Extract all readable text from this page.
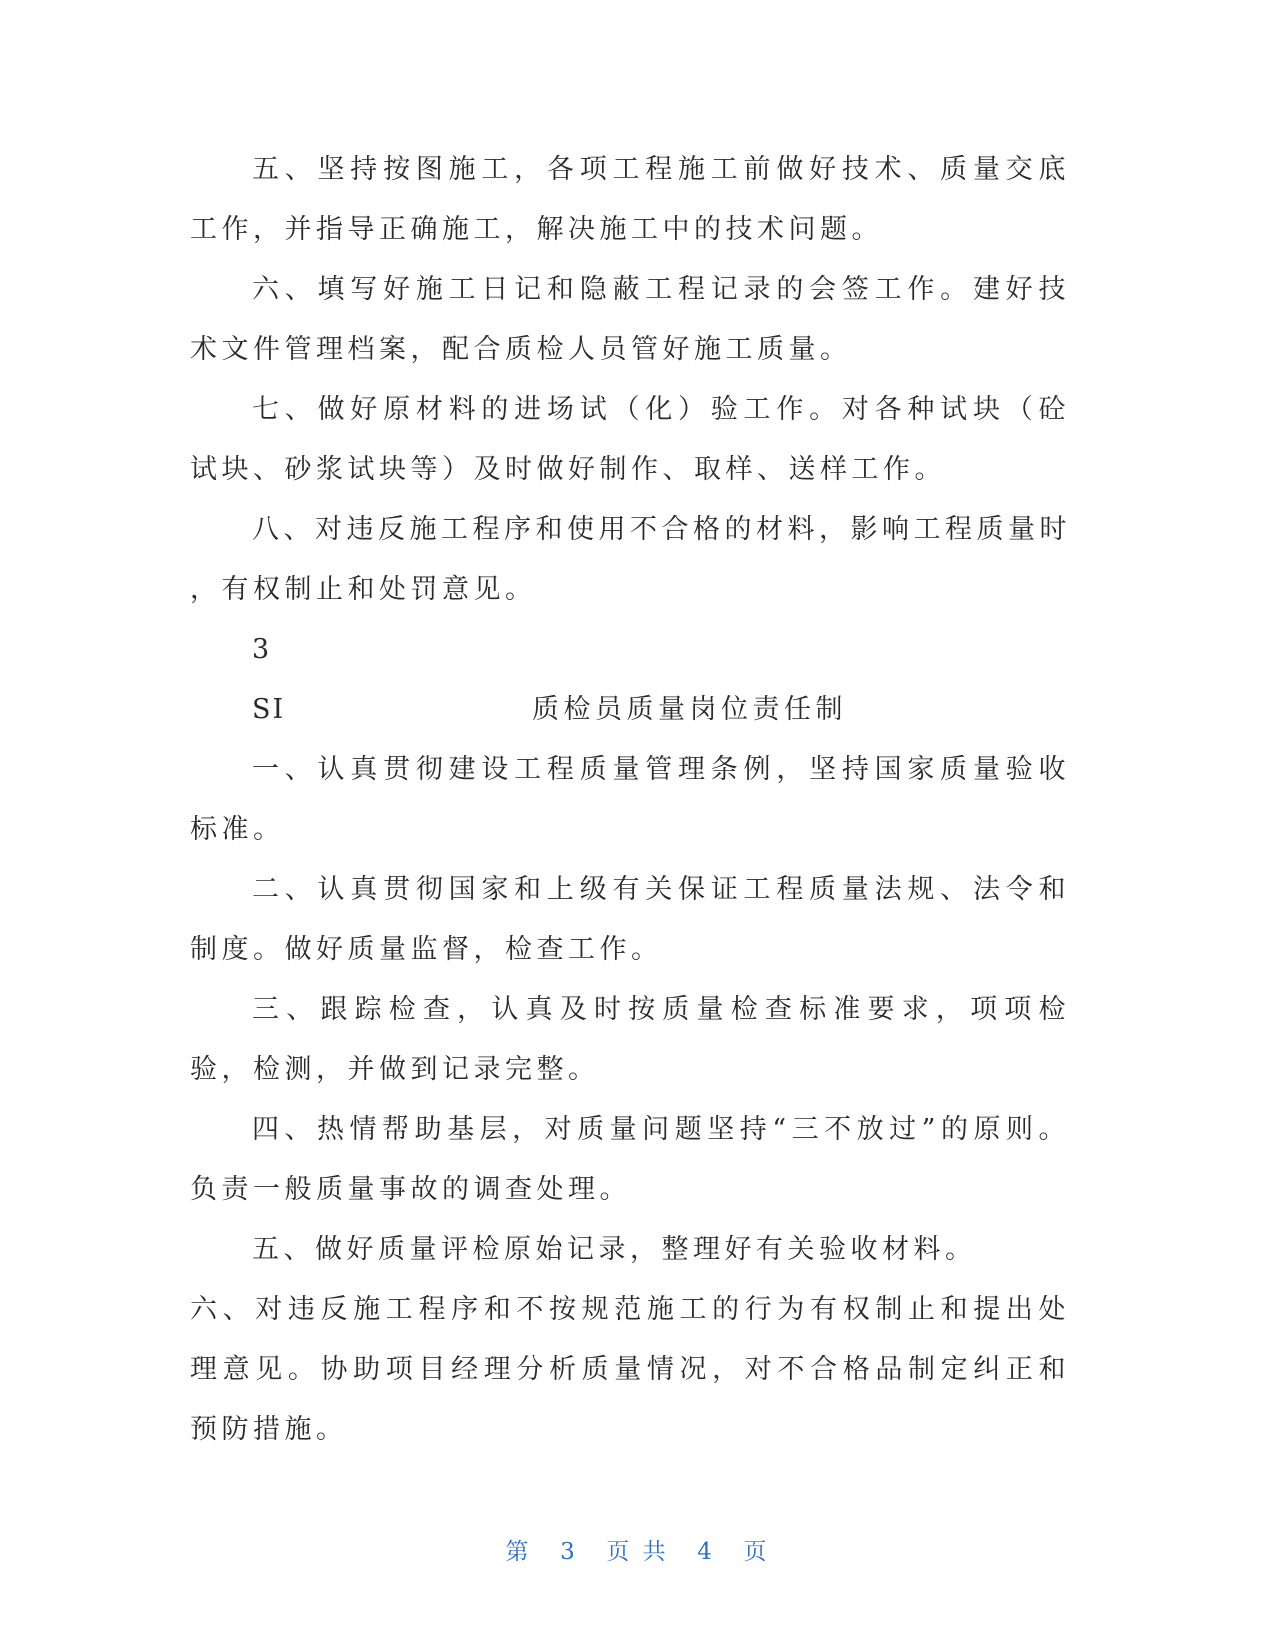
五、坚持按图施工，各项工程施工前做好技术、质量交底工作，并指导正确施工，解决施工中的技术问题。

六、填写好施工日记和隐蔽工程记录的会签工作。建好技术文件管理档案，配合质检人员管好施工质量。

七、做好原材料的进场试（化）验工作。对各种试块（砼试块、砂浆试块等）及时做好制作、取样、送样工作。

八、对违反施工程序和使用不合格的材料，影响工程质量时

，有权制止和处罚意见。

3

SI	质检员质量岗位责任制

一、认真贯彻建设工程质量管理条例，坚持国家质量验收标准。

二、认真贯彻国家和上级有关保证工程质量法规、法令和制度。做好质量监督，检查工作。

三、跟踪检查，认真及时按质量检查标准要求，项项检验，检测，并做到记录完整。

四、热情帮助基层，对质量问题坚持“三不放过”的原则。负责一般质量事故的调查处理。

五、做好质量评检原始记录，整理好有关验收材料。

六、对违反施工程序和不按规范施工的行为有权制止和提出处理意见。协助项目经理分析质量情况，对不合格品制定纠正和预防措施。

第 3 页 共 4 页
